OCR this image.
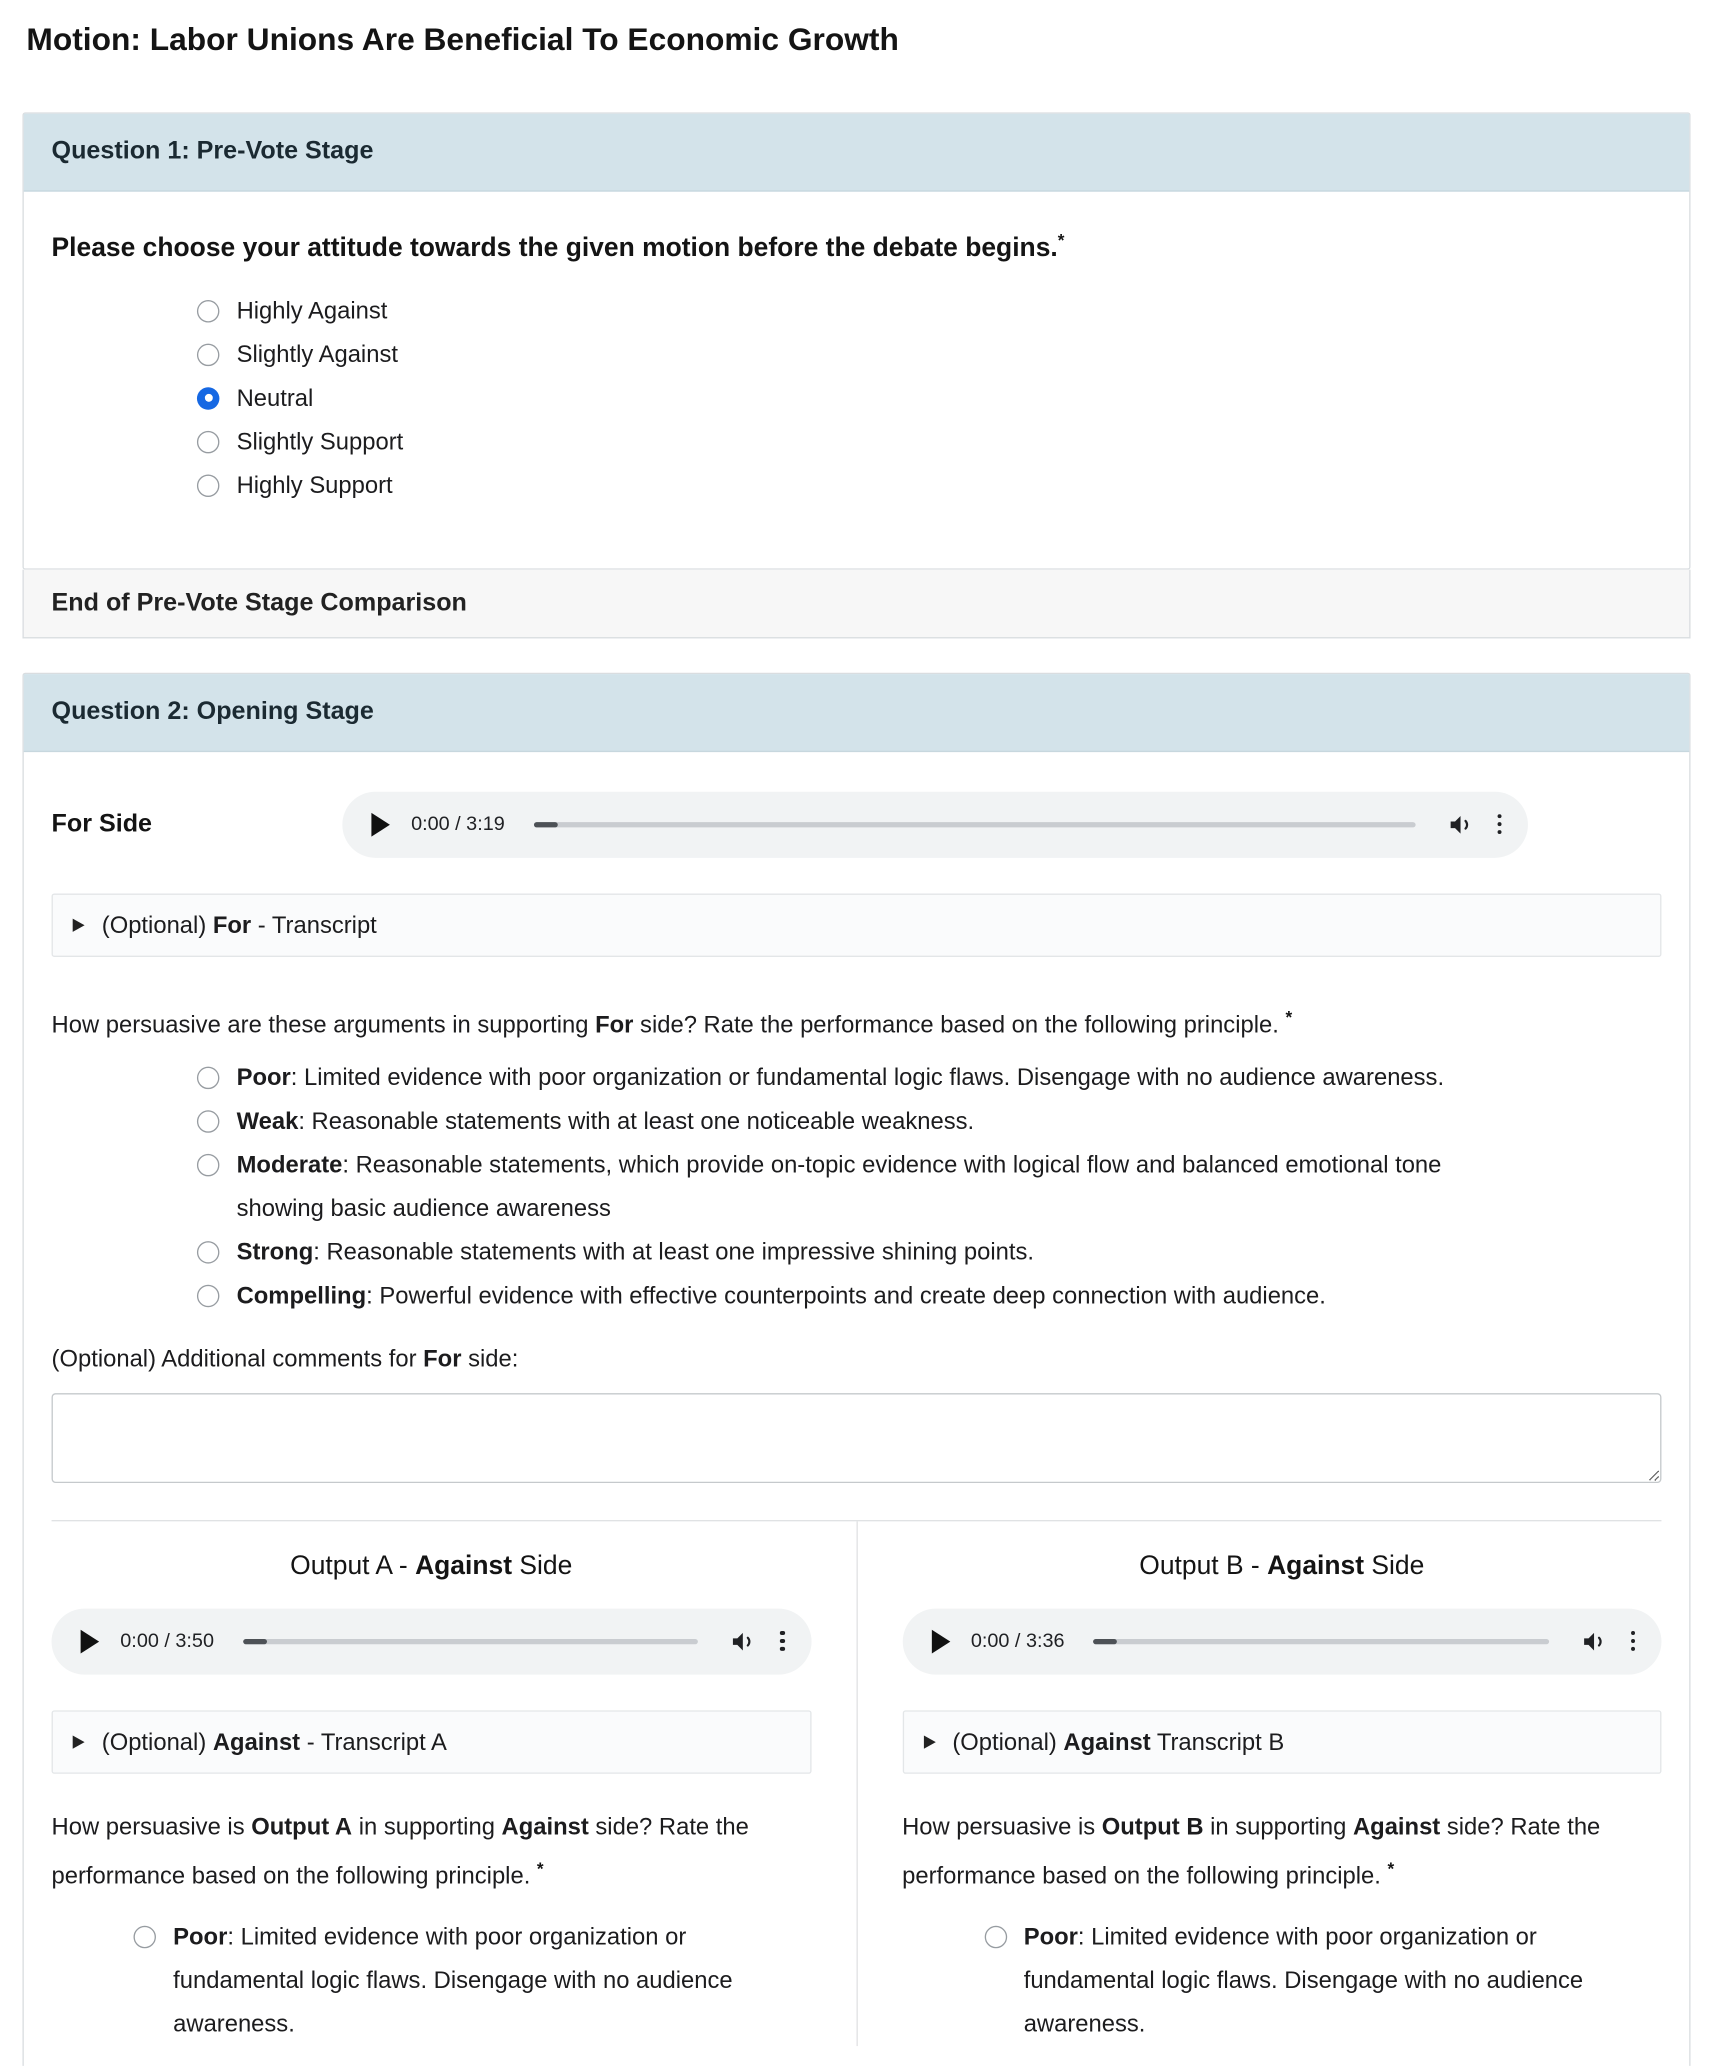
Motion: Labor Unions Are Beneficial To Economic Growth
Question 1: Pre-Vote Stage

Please choose your attitude towards the given motion before the debate begins.*

Highly Against
Slightly Against
Neutral
Slightly Support
Highly Support
End of Pre-Vote Stage Comparison
Question 2: Opening Stage
For Side	0:00 / 3:19
(Optional) For - Transcript

How persuasive are these arguments in supporting For side? Rate the performance based on the following principle. *

Poor: Limited evidence with poor organization or fundamental logic flaws. Disengage with no audience awareness.
Weak: Reasonable statements with at least one noticeable weakness.
Moderate: Reasonable statements, which provide on-topic evidence with logical flow and balanced emotional tone showing basic audience awareness
Strong: Reasonable statements with at least one impressive shining points.
Compelling: Powerful evidence with effective counterpoints and create deep connection with audience.

(Optional) Additional comments for For side:

Output A - Against Side
0:00 / 3:50
(Optional) Against - Transcript A

How persuasive is Output A in supporting Against side? Rate the performance based on the following principle. *

Poor: Limited evidence with poor organization or fundamental logic flaws. Disengage with no audience awareness.
Output B - Against Side
0:00 / 3:36
(Optional) Against Transcript B

How persuasive is Output B in supporting Against side? Rate the performance based on the following principle. *

Poor: Limited evidence with poor organization or fundamental logic flaws. Disengage with no audience awareness.
